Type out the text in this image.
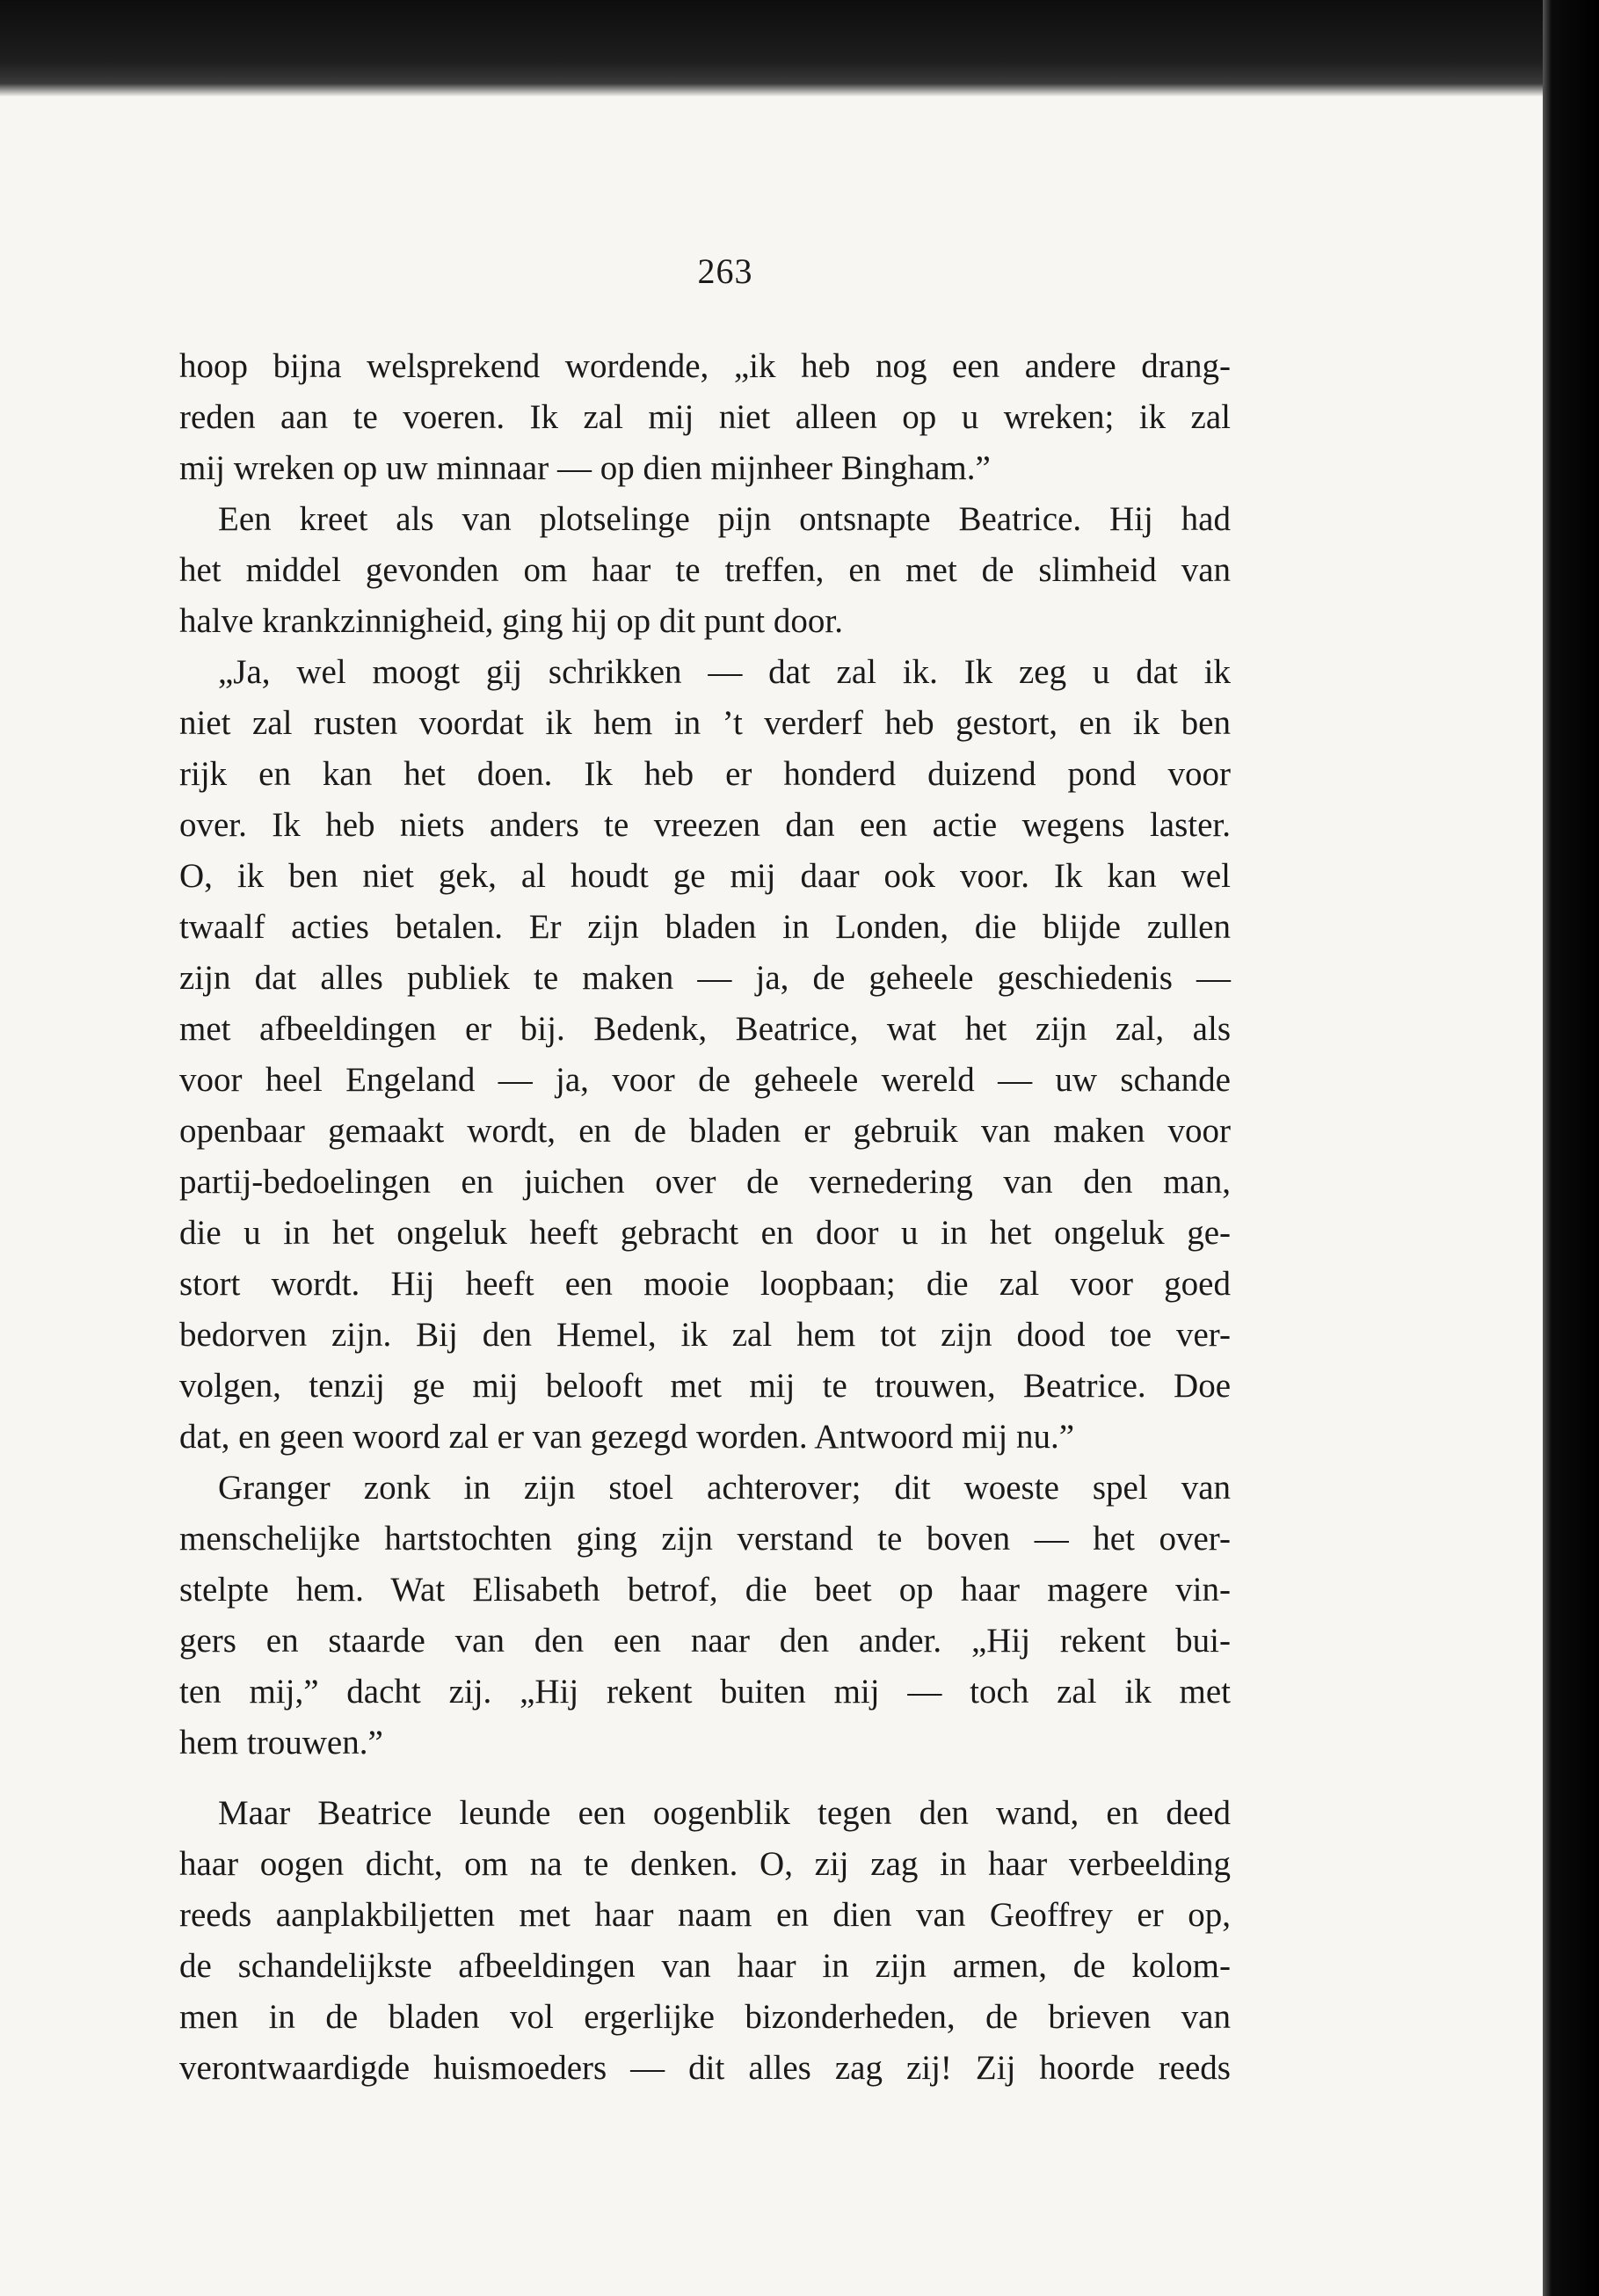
263
hoop bijna welsprekend wordende, „ik heb nog een andere drang-
reden aan te voeren. Ik zal mij niet alleen op u wreken; ik zal
mij wreken op uw minnaar — op dien mijnheer Bingham.”
Een kreet als van plotselinge pijn ontsnapte Beatrice. Hij had
het middel gevonden om haar te treffen, en met de slimheid van
halve krankzinnigheid, ging hij op dit punt door.
„Ja, wel moogt gij schrikken — dat zal ik. Ik zeg u dat ik
niet zal rusten voordat ik hem in ’t verderf heb gestort, en ik ben
rijk en kan het doen. Ik heb er honderd duizend pond voor
over. Ik heb niets anders te vreezen dan een actie wegens laster.
O, ik ben niet gek, al houdt ge mij daar ook voor. Ik kan wel
twaalf acties betalen. Er zijn bladen in Londen, die blijde zullen
zijn dat alles publiek te maken — ja, de geheele geschiedenis —
met afbeeldingen er bij. Bedenk, Beatrice, wat het zijn zal, als
voor heel Engeland — ja, voor de geheele wereld — uw schande
openbaar gemaakt wordt, en de bladen er gebruik van maken voor
partij-bedoelingen en juichen over de vernedering van den man,
die u in het ongeluk heeft gebracht en door u in het ongeluk ge-
stort wordt. Hij heeft een mooie loopbaan; die zal voor goed
bedorven zijn. Bij den Hemel, ik zal hem tot zijn dood toe ver-
volgen, tenzij ge mij belooft met mij te trouwen, Beatrice. Doe
dat, en geen woord zal er van gezegd worden. Antwoord mij nu.”
Granger zonk in zijn stoel achterover; dit woeste spel van
menschelijke hartstochten ging zijn verstand te boven — het over-
stelpte hem. Wat Elisabeth betrof, die beet op haar magere vin-
gers en staarde van den een naar den ander. „Hij rekent bui-
ten mij,” dacht zij. „Hij rekent buiten mij — toch zal ik met
hem trouwen.”
Maar Beatrice leunde een oogenblik tegen den wand, en deed
haar oogen dicht, om na te denken. O, zij zag in haar verbeelding
reeds aanplakbiljetten met haar naam en dien van Geoffrey er op,
de schandelijkste afbeeldingen van haar in zijn armen, de kolom-
men in de bladen vol ergerlijke bizonderheden, de brieven van
verontwaardigde huismoeders — dit alles zag zij! Zij hoorde reeds
